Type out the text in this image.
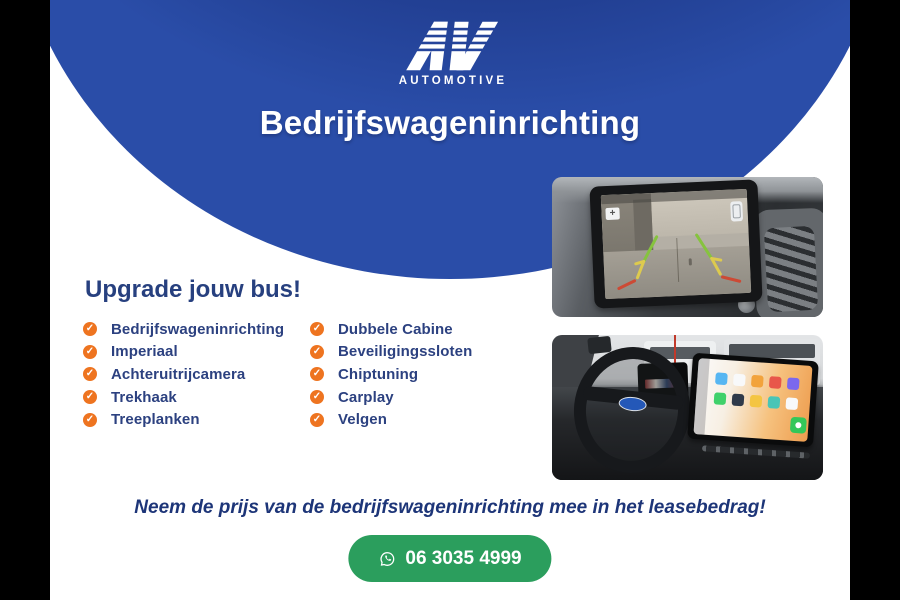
AUTOMOTIVE
Bedrijfswageninrichting
+
Upgrade jouw bus!
✓ Bedrijfswageninrichting
✓ Imperiaal
✓ Achteruitrijcamera
✓ Trekhaak
✓ Treeplanken
✓ Dubbele Cabine
✓ Beveiligingssloten
✓ Chiptuning
✓ Carplay
✓ Velgen

Neem de prijs van de bedrijfswageninrichting mee in het leasebedrag!

06 3035 4999
